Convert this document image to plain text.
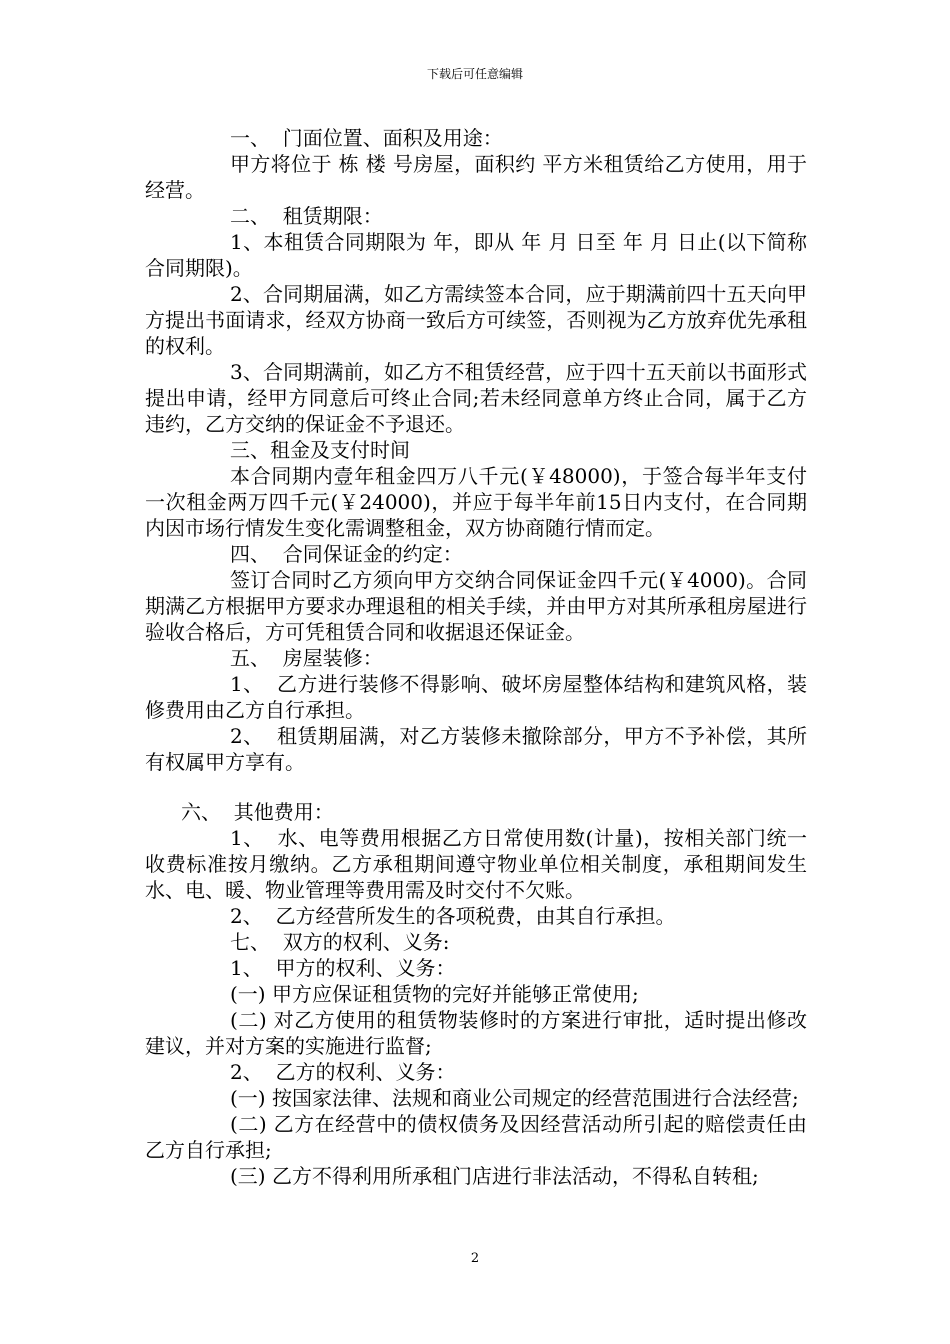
下载后可任意编辑

一、  门面位置、面积及用途：

甲方将位于 栋 楼 号房屋，面积约 平方米租赁给乙方使用，用于经营。

二、  租赁期限：

1、本租赁合同期限为 年，即从 年 月 日至 年 月 日止(以下简称合同期限)。

2、合同期届满，如乙方需续签本合同，应于期满前四十五天向甲方提出书面请求，经双方协商一致后方可续签，否则视为乙方放弃优先承租的权利。

3、合同期满前，如乙方不租赁经营，应于四十五天前以书面形式提出申请，经甲方同意后可终止合同;若未经同意单方终止合同，属于乙方违约，乙方交纳的保证金不予退还。

三、租金及支付时间

本合同期内壹年租金四万八千元(￥48000)，于签合每半年支付一次租金两万四千元(￥24000)，并应于每半年前15日内支付，在合同期内因市场行情发生变化需调整租金，双方协商随行情而定。

四、  合同保证金的约定：

签订合同时乙方须向甲方交纳合同保证金四千元(￥4000)。合同期满乙方根据甲方要求办理退租的相关手续，并由甲方对其所承租房屋进行验收合格后，方可凭租赁合同和收据退还保证金。

五、  房屋装修：

1、  乙方进行装修不得影响、破坏房屋整体结构和建筑风格，装修费用由乙方自行承担。

2、  租赁期届满，对乙方装修未撤除部分，甲方不予补偿，其所有权属甲方享有。

六、  其他费用：

1、  水、电等费用根据乙方日常使用数(计量)，按相关部门统一收费标准按月缴纳。乙方承租期间遵守物业单位相关制度，承租期间发生水、电、暖、物业管理等费用需及时交付不欠账。

2、  乙方经营所发生的各项税费，由其自行承担。

七、  双方的权利、义务:

1、  甲方的权利、义务：

(一) 甲方应保证租赁物的完好并能够正常使用;

(二) 对乙方使用的租赁物装修时的方案进行审批，适时提出修改建议，并对方案的实施进行监督;

2、  乙方的权利、义务：

(一) 按国家法律、法规和商业公司规定的经营范围进行合法经营;

(二) 乙方在经营中的债权债务及因经营活动所引起的赔偿责任由乙方自行承担;

(三) 乙方不得利用所承租门店进行非法活动，不得私自转租;

2
